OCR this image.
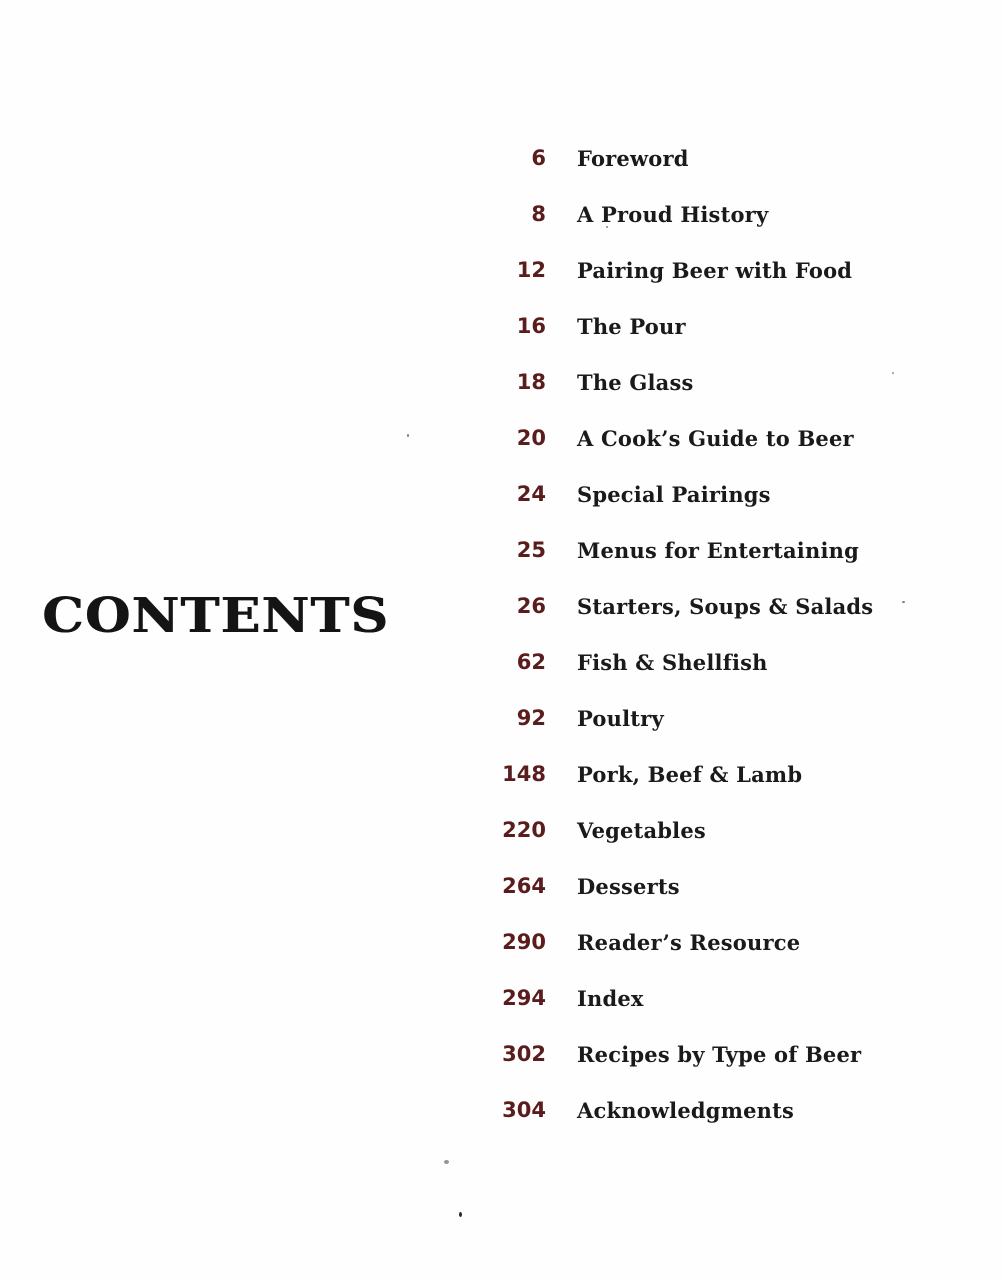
CONTENTS
6 Foreword
8 A Proud History
12 Pairing Beer with Food
16 The Pour
18 The Glass
20 A Cook’s Guide to Beer
24 Special Pairings
25 Menus for Entertaining
26 Starters, Soups & Salads
62 Fish & Shellfish
92 Poultry
148 Pork, Beef & Lamb
220 Vegetables
264 Desserts
290 Reader’s Resource
294 Index
302 Recipes by Type of Beer
304 Acknowledgments
